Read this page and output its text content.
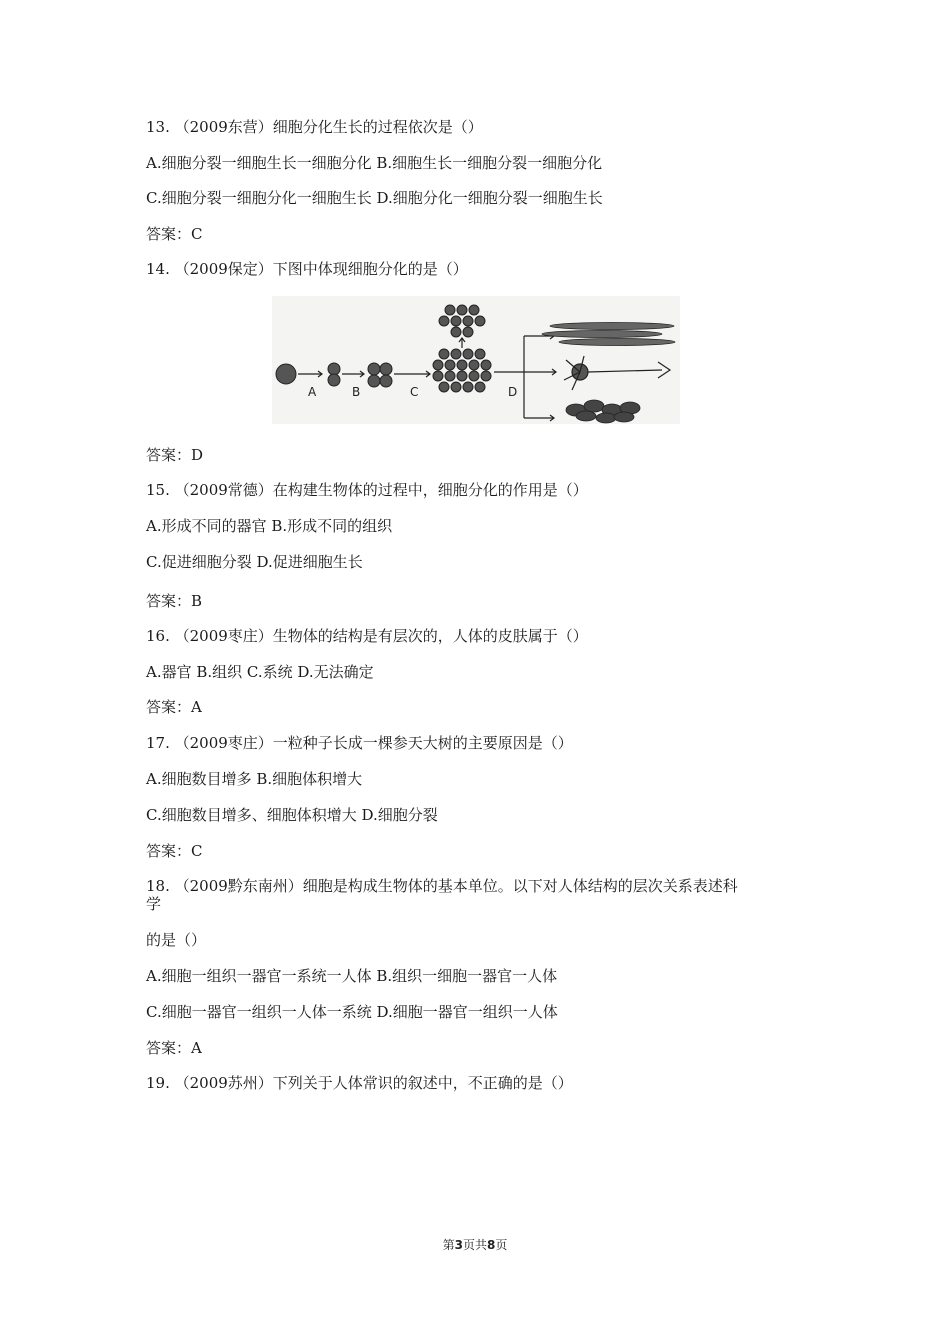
13. （2009东营）细胞分化生长的过程依次是（）
A.细胞分裂一细胞生长一细胞分化 B.细胞生长一细胞分裂一细胞分化
C.细胞分裂一细胞分化一细胞生长 D.细胞分化一细胞分裂一细胞生长
答案：C
14. （2009保定）下图中体现细胞分化的是（）
A	B	C	D
答案：D
15. （2009常德）在构建生物体的过程中，细胞分化的作用是（）
A.形成不同的器官 B.形成不同的组织
C.促进细胞分裂 D.促进细胞生长
答案：B
16. （2009枣庄）生物体的结构是有层次的，人体的皮肤属于（）
A.器官 B.组织 C.系统 D.无法确定
答案：A
17. （2009枣庄）一粒种子长成一棵参天大树的主要原因是（）
A.细胞数目增多 B.细胞体积增大
C.细胞数目增多、细胞体积增大 D.细胞分裂
答案：C
18. （2009黔东南州）细胞是构成生物体的基本单位。以下对人体结构的层次关系表述科
学
的是（）
A.细胞一组织一器官一系统一人体 B.组织一细胞一器官一人体
C.细胞一器官一组织一人体一系统 D.细胞一器官一组织一人体
答案：A
19. （2009苏州）下列关于人体常识的叙述中，不正确的是（）
第3页共8页
